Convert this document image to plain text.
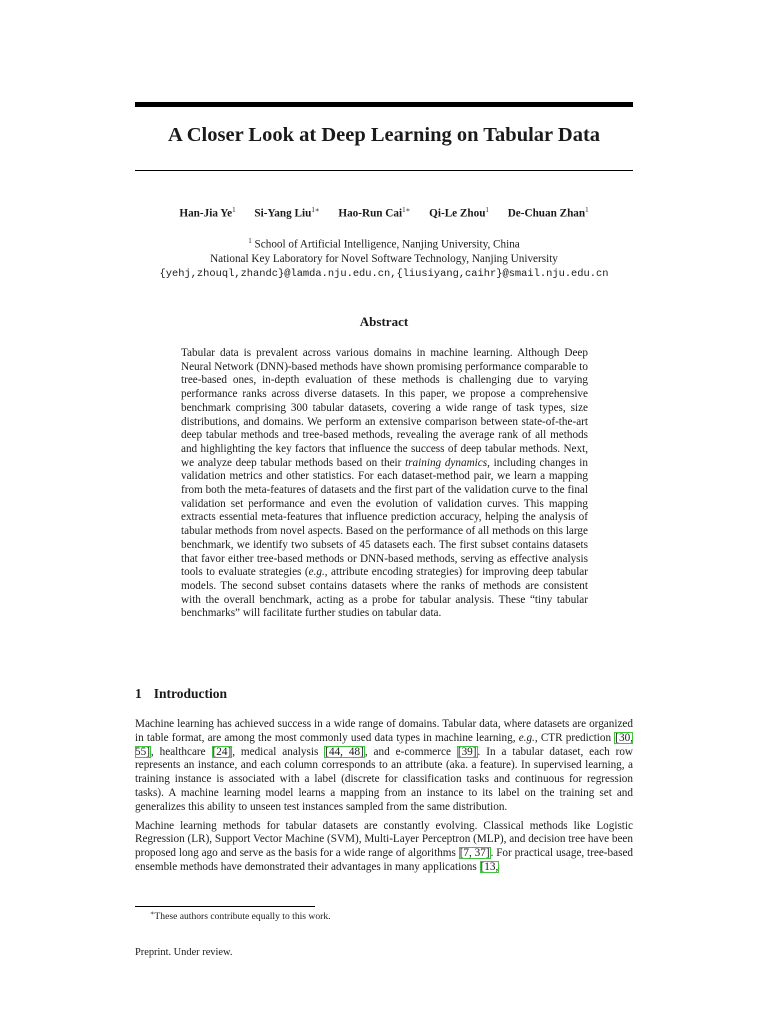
A Closer Look at Deep Learning on Tabular Data
Han-Jia Ye$^1$ Si-Yang Liu$^{1∗}$ Hao-Run Cai$^{1∗}$ Qi-Le Zhou$^1$ De-Chuan Zhan$^1$
$^1$ School of Artificial Intelligence, Nanjing University, China
National Key Laboratory for Novel Software Technology, Nanjing University
{yehj,zhouql,zhandc}@lamda.nju.edu.cn,{liusiyang,caihr}@smail.nju.edu.cn
Abstract

Tabular data is prevalent across various domains in machine learning. Although Deep Neural Network (DNN)-based methods have shown promising performance comparable to tree-based ones, in-depth evaluation of these methods is challenging due to varying performance ranks across diverse datasets. In this paper, we propose a comprehensive benchmark comprising 300 tabular datasets, covering a wide range of task types, size distributions, and domains. We perform an extensive comparison between state-of-the-art deep tabular methods and tree-based methods, revealing the average rank of all methods and highlighting the key factors that influence the success of deep tabular methods. Next, we analyze deep tabular methods based on their training dynamics, including changes in validation metrics and other statistics. For each dataset-method pair, we learn a mapping from both the meta-features of datasets and the first part of the validation curve to the final validation set performance and even the evolution of validation curves. This mapping extracts essential meta-features that influence prediction accuracy, helping the analysis of tabular methods from novel aspects. Based on the performance of all methods on this large benchmark, we identify two subsets of 45 datasets each. The first subset contains datasets that favor either tree-based methods or DNN-based methods, serving as effective analysis tools to evaluate strategies (e.g., attribute encoding strategies) for improving deep tabular models. The second subset contains datasets where the ranks of methods are consistent with the overall benchmark, acting as a probe for tabular analysis. These “tiny tabular benchmarks” will facilitate further studies on tabular data.

1 Introduction

Machine learning has achieved success in a wide range of domains. Tabular data, where datasets are organized in table format, are among the most commonly used data types in machine learning, e.g., CTR prediction [30, 55], healthcare [24], medical analysis [44, 48], and e-commerce [39]. In a tabular dataset, each row represents an instance, and each column corresponds to an attribute (aka. a feature). In supervised learning, a training instance is associated with a label (discrete for classification tasks and continuous for regression tasks). A machine learning model learns a mapping from an instance to its label on the training set and generalizes this ability to unseen test instances sampled from the same distribution.

Machine learning methods for tabular datasets are constantly evolving. Classical methods like Logistic Regression (LR), Support Vector Machine (SVM), Multi-Layer Perceptron (MLP), and decision tree have been proposed long ago and serve as the basis for a wide range of algorithms [7, 37]. For practical usage, tree-based ensemble methods have demonstrated their advantages in many applications [13,

∗These authors contribute equally to this work.
Preprint. Under review.
